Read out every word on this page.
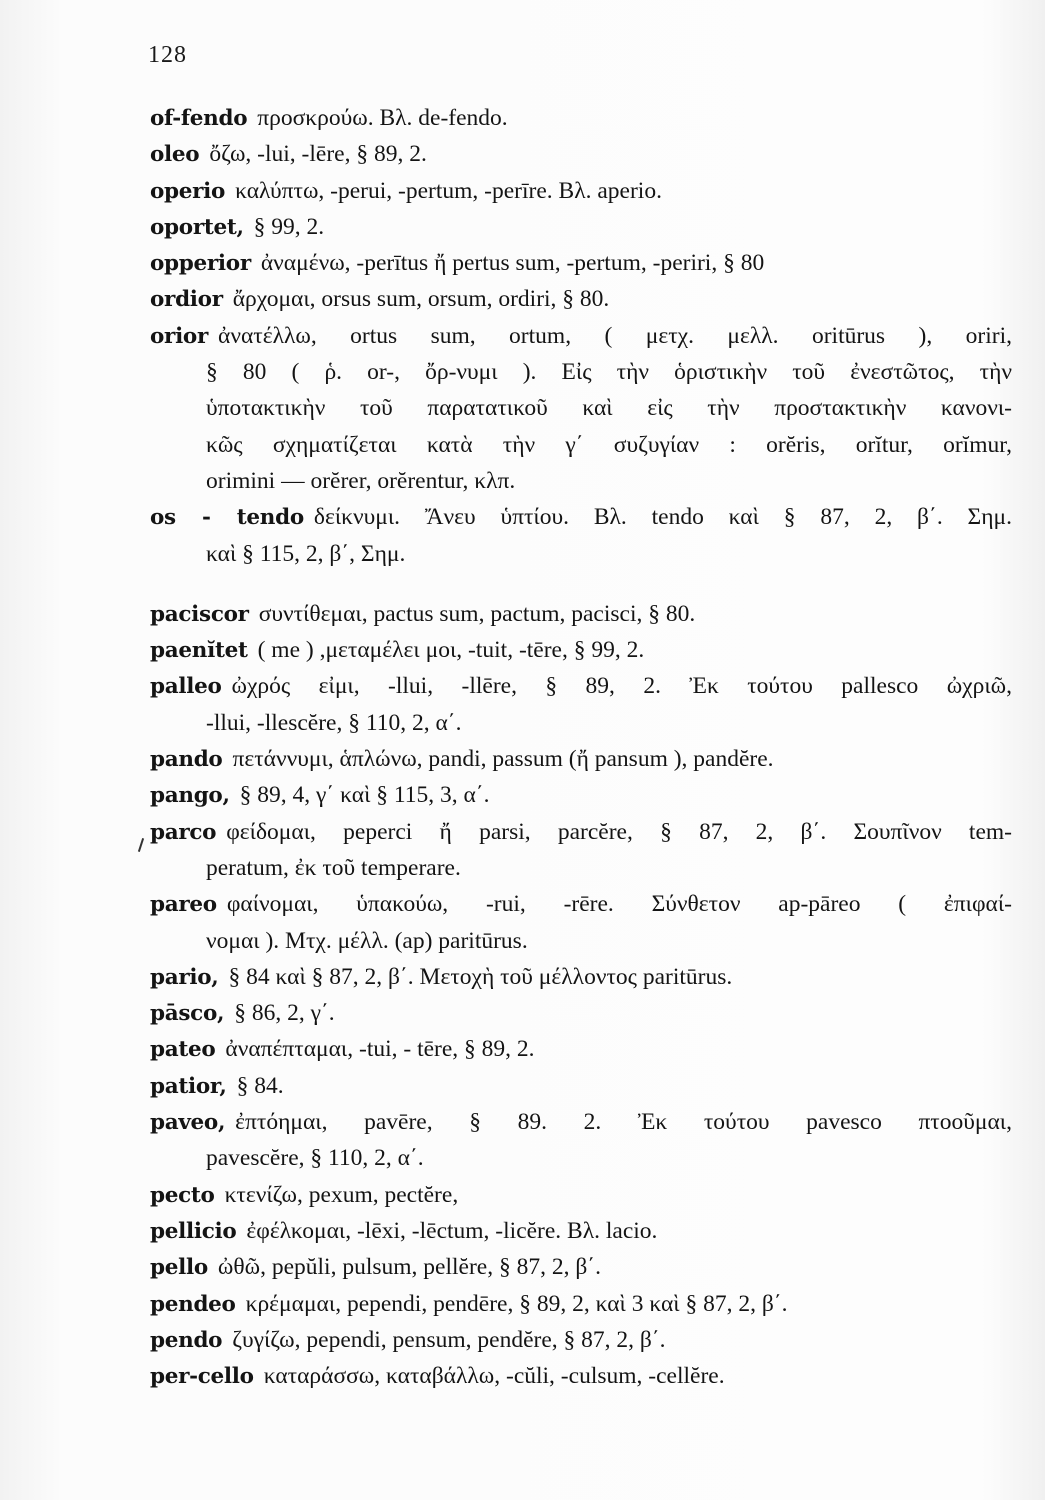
128
of-fendo προσκρούω. Βλ. de-fendo.
oleo ὄζω, -lui, -lēre, § 89, 2.
operio καλύπτω, -perui, -pertum, -perīre. Βλ. aperio.
oportet, § 99, 2.
opperior ἀναμένω, -perītus ἤ pertus sum, -pertum, -periri, § 80
ordior ἄρχομαι, orsus sum, orsum, ordiri, § 80.
orior ἀνατέλλω, ortus sum, ortum, ( μετχ. μελλ. oritūrus ), oriri,
§ 80 ( ῥ. or-, ὄρ-νυμι ). Εἰς τὴν ὁριστικὴν τοῦ ἐνεστῶτος, τὴν
ὑποτακτικὴν τοῦ παρατατικοῦ καὶ εἰς τὴν προστακτικὴν κανονι-
κῶς σχηματίζεται κατὰ τὴν γ΄ συζυγίαν : orĕris, orĭtur, orĭmur,
orimini — orĕrer, orĕrentur, κλπ.
os - tendo δείκνυμι. Ἄνευ ὑπτίου. Βλ. tendo καὶ § 87, 2, β΄. Σημ.
καὶ § 115, 2, β΄, Σημ.
paciscor συντίθεμαι, pactus sum, pactum, pacisci, § 80.
paenĭtet ( me ) ,μεταμέλει μοι, -tuit, -tēre, § 99, 2.
palleo ὠχρός εἰμι, -llui, -llēre, § 89, 2. Ἐκ τούτου pallesco ὠχριῶ,
-llui, -llescĕre, § 110, 2, α΄.
pando πετάννυμι, ἁπλώνω, pandi, passum (ἤ pansum ), pandĕre.
pango, § 89, 4, γ΄ καὶ § 115, 3, α΄.
parco φείδομαι, peperci ἤ parsi, parcĕre, § 87, 2, β΄. Σουπῖνον tem-
peratum, ἐκ τοῦ temperare.
pareo φαίνομαι, ὑπακούω, -rui, -rēre. Σύνθετον ap-pāreo ( ἐπιφαί-
νομαι ). Μτχ. μέλλ. (ap) paritūrus.
pario, § 84 καὶ § 87, 2, β΄. Μετοχὴ τοῦ μέλλοντος paritūrus.
pāsco, § 86, 2, γ΄.
pateo ἀναπέπταμαι, -tui, - tēre, § 89, 2.
patior, § 84.
paveo, ἐπτόημαι, pavēre, § 89. 2. Ἐκ τούτου pavesco πτοοῦμαι,
pavescĕre, § 110, 2, α΄.
pecto κτενίζω, pexum, pectĕre,
pellicio ἐφέλκομαι, -lēxi, -lēctum, -licĕre. Βλ. lacio.
pello ὠθῶ, pepŭli, pulsum, pellĕre, § 87, 2, β΄.
pendeo κρέμαμαι, pependi, pendēre, § 89, 2, καὶ 3 καὶ § 87, 2, β΄.
pendo ζυγίζω, pependi, pensum, pendĕre, § 87, 2, β΄.
per-cello καταράσσω, καταβάλλω, -cŭli, -culsum, -cellĕre.
